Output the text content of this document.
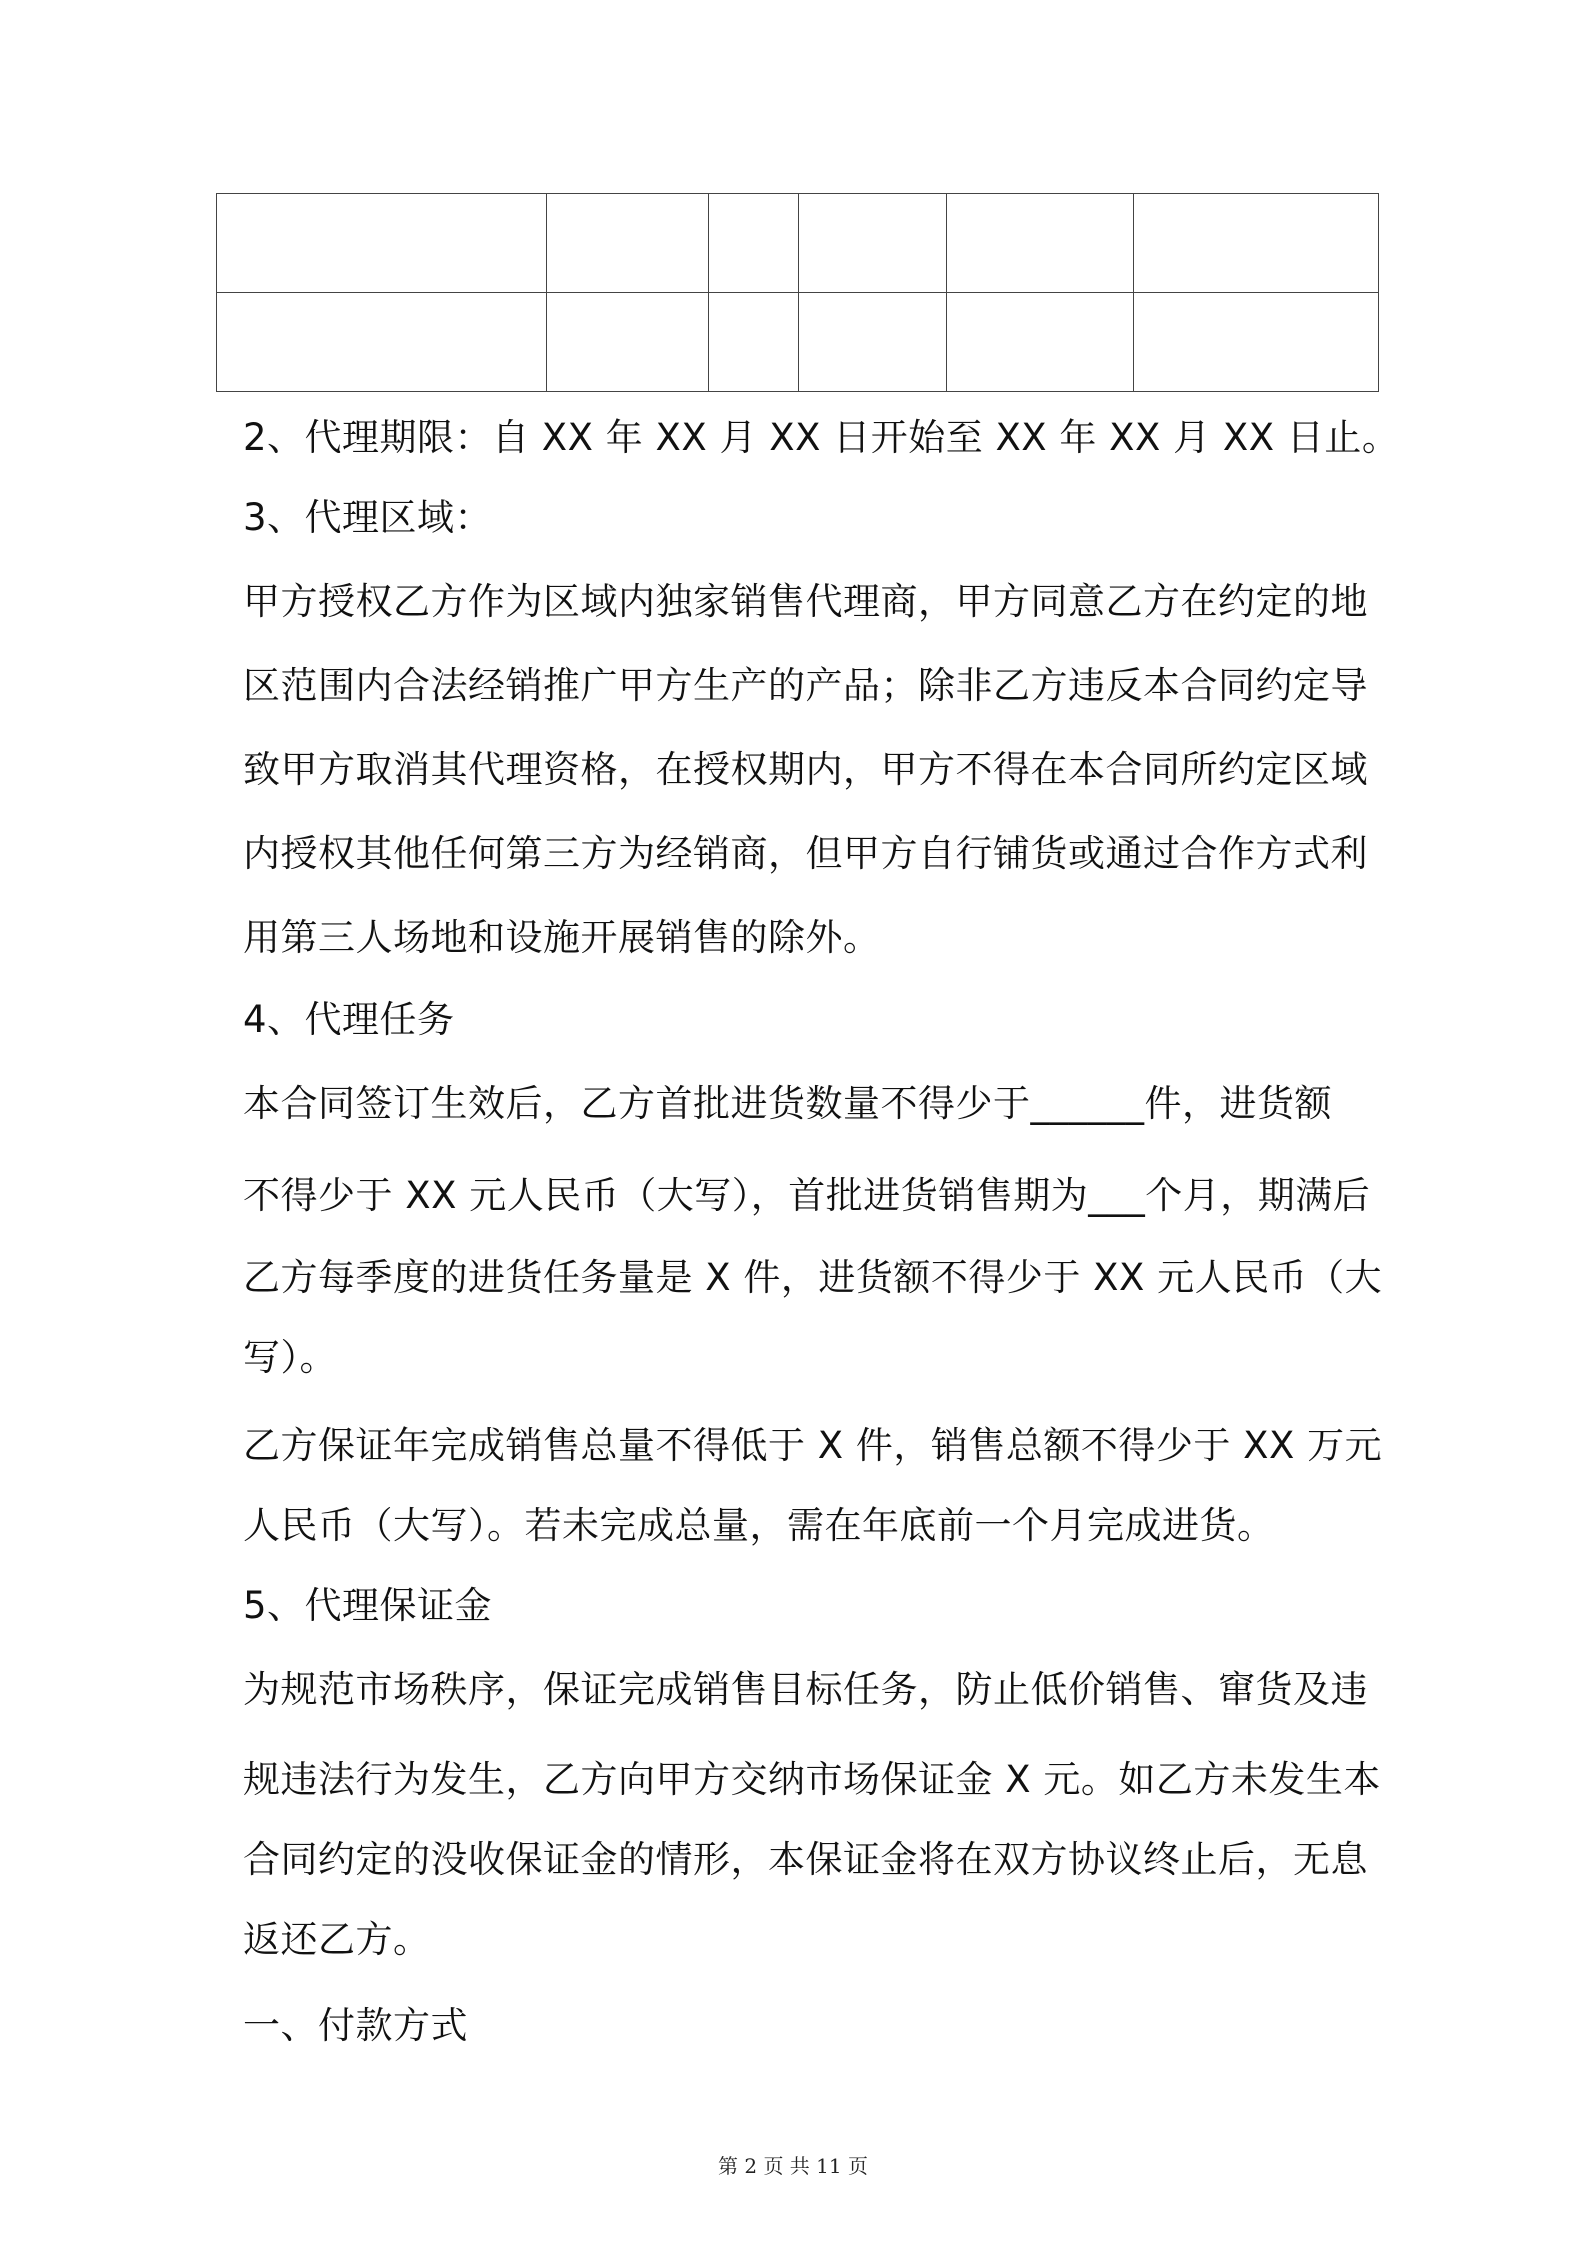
2、代理期限：自 XX 年 XX 月 XX 日开始至 XX 年 XX 月 XX 日止。
3、代理区域：
甲方授权乙方作为区域内独家销售代理商，甲方同意乙方在约定的地
区范围内合法经销推广甲方生产的产品；除非乙方违反本合同约定导
致甲方取消其代理资格，在授权期内，甲方不得在本合同所约定区域
内授权其他任何第三方为经销商，但甲方自行铺货或通过合作方式利
用第三人场地和设施开展销售的除外。
4、代理任务
本合同签订生效后，乙方首批进货数量不得少于______件，进货额
不得少于 XX 元人民币（大写），首批进货销售期为___个月，期满后
乙方每季度的进货任务量是 X 件，进货额不得少于 XX 元人民币（大
写）。
乙方保证年完成销售总量不得低于 X 件，销售总额不得少于 XX 万元
人民币（大写）。若未完成总量，需在年底前一个月完成进货。
5、代理保证金
为规范市场秩序，保证完成销售目标任务，防止低价销售、窜货及违
规违法行为发生，乙方向甲方交纳市场保证金 X 元。如乙方未发生本
合同约定的没收保证金的情形，本保证金将在双方协议终止后，无息
返还乙方。
一、付款方式
第 2 页 共 11 页
